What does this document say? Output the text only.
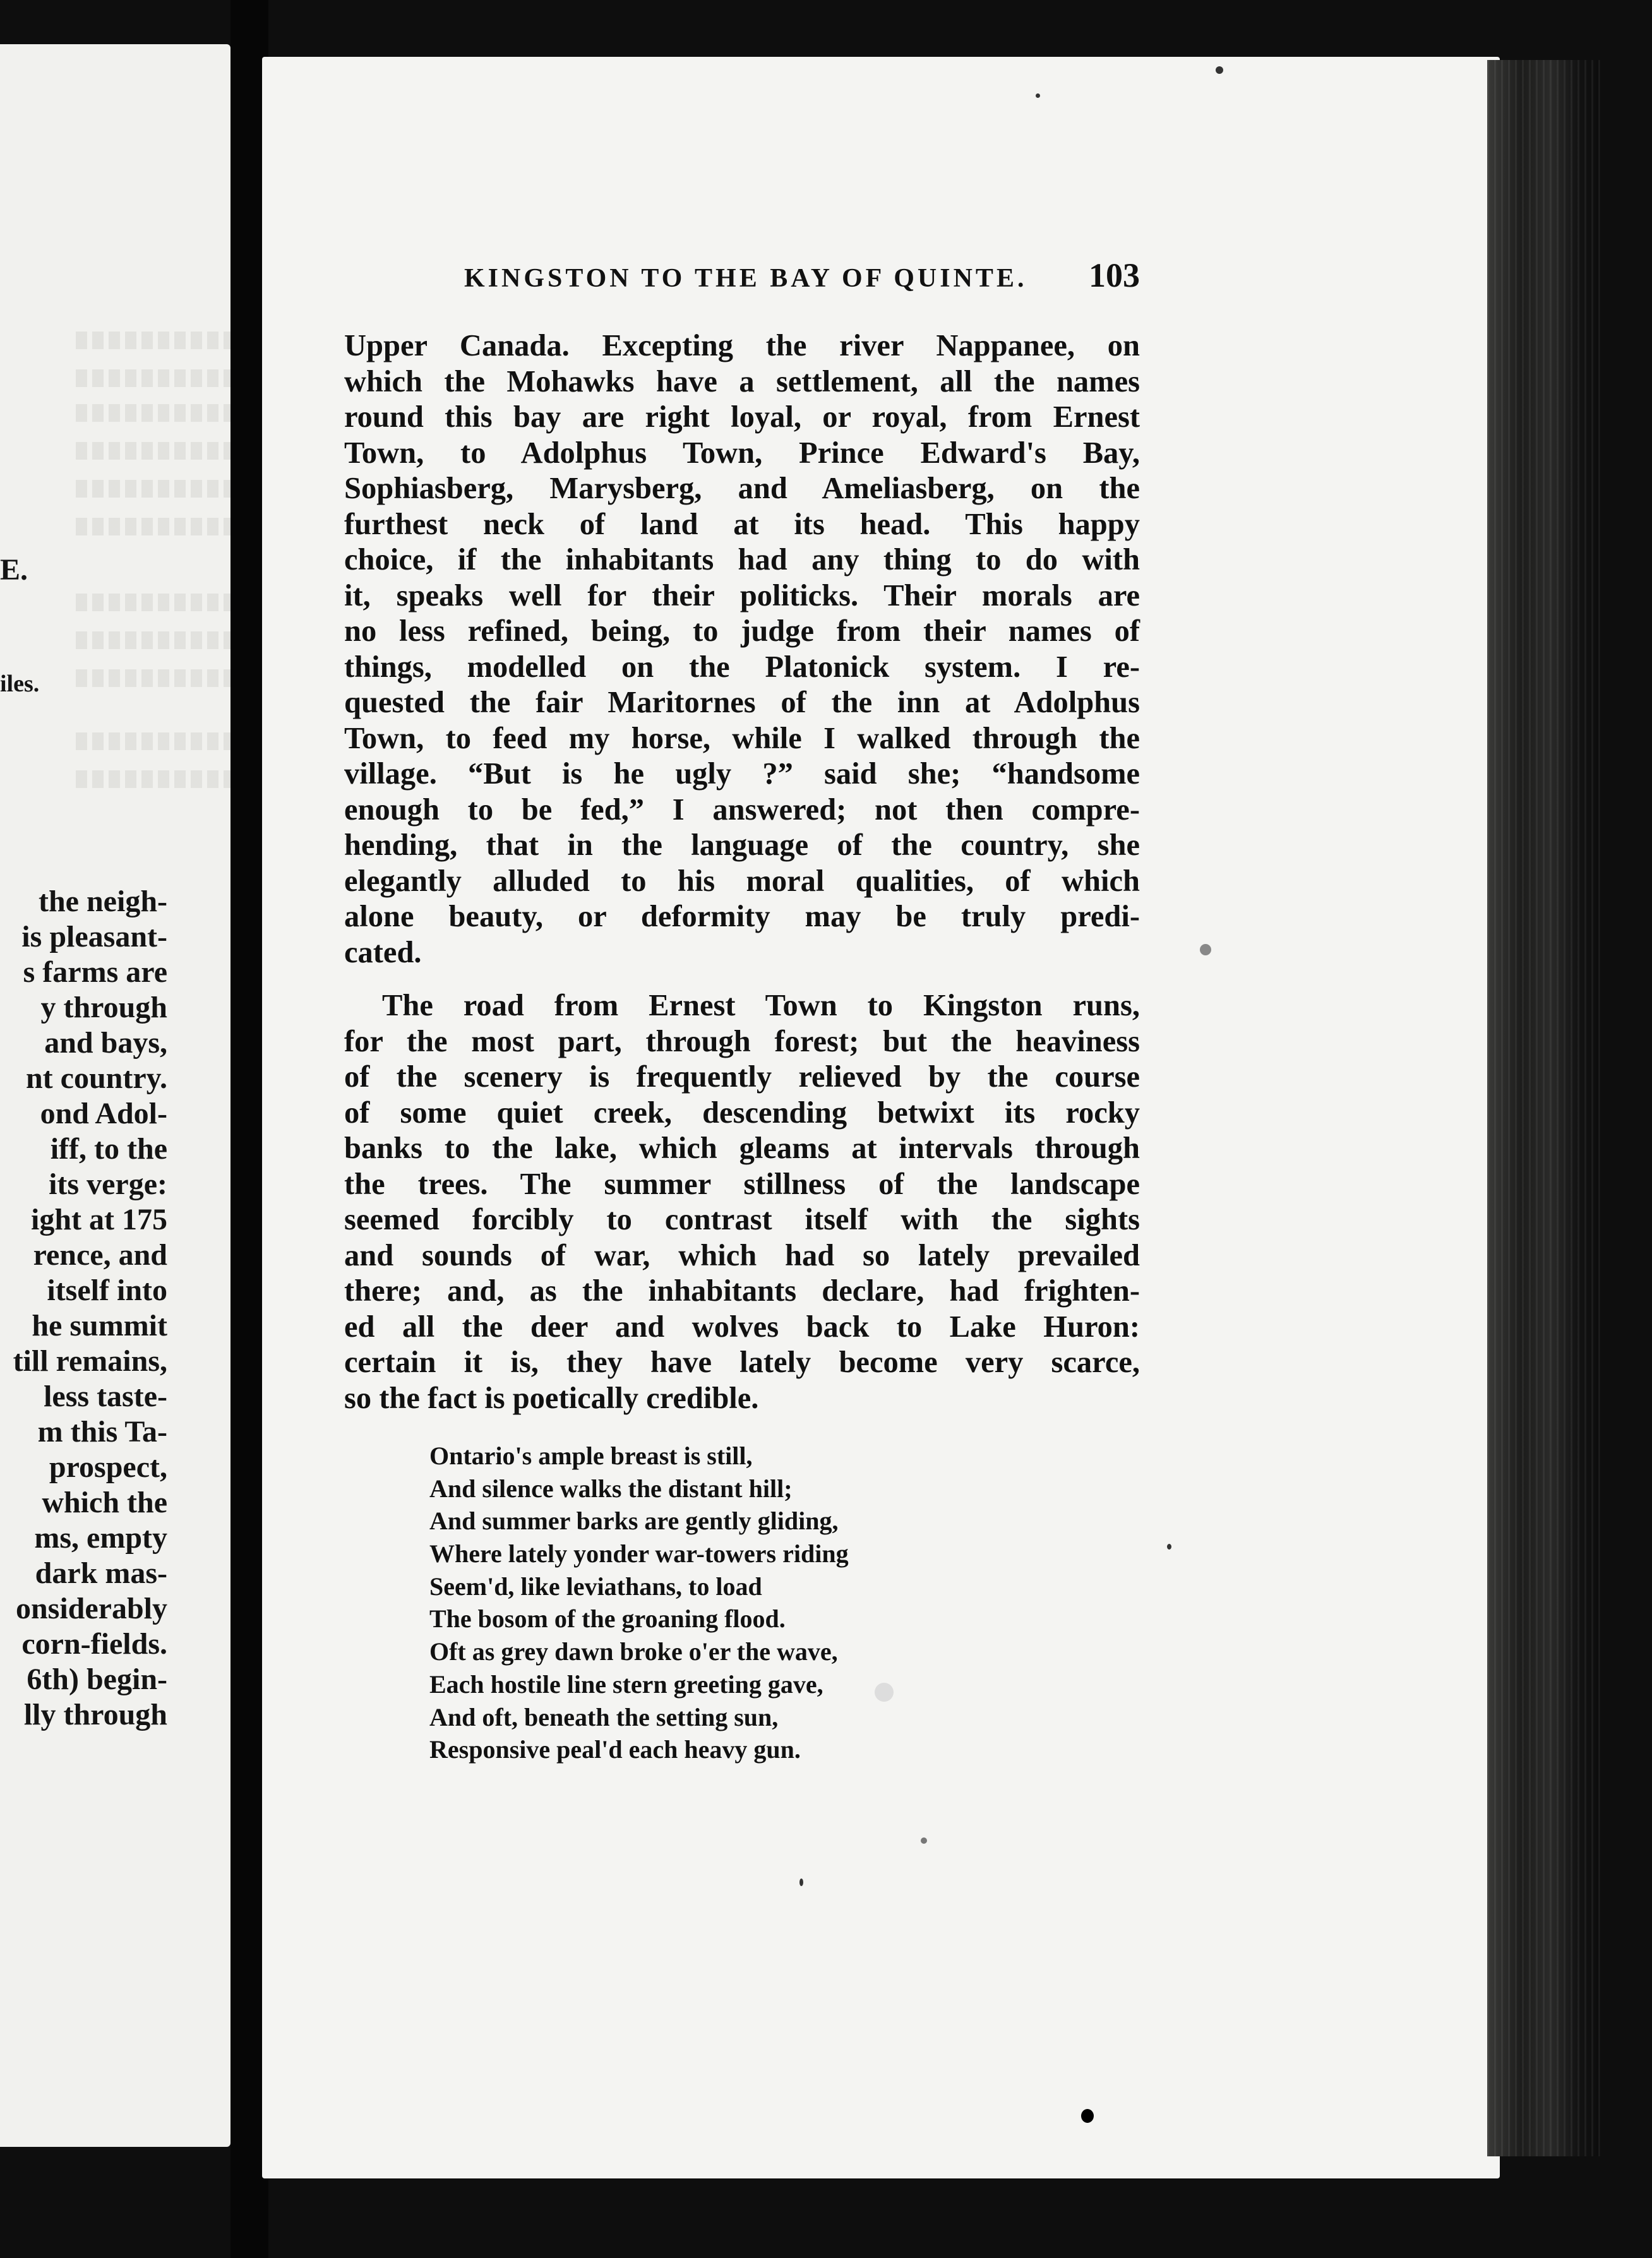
E.
iles.
the neigh-
is pleasant-
s farms are
y through
and bays,
nt country.
ond Adol-
iff, to the
its verge:
ight at 175
rence, and
itself into
he summit
till remains,
less taste-
m this Ta-
prospect,
which the
ms, empty
dark mas-
onsiderably
corn-fields.
6th) begin-
lly through
KINGSTON TO THE BAY OF QUINTE. 103
Upper Canada. Excepting the river Nappanee, on
which the Mohawks have a settlement, all the names
round this bay are right loyal, or royal, from Ernest
Town, to Adolphus Town, Prince Edward's Bay,
Sophiasberg, Marysberg, and Ameliasberg, on the
furthest neck of land at its head. This happy
choice, if the inhabitants had any thing to do with
it, speaks well for their politicks. Their morals are
no less refined, being, to judge from their names of
things, modelled on the Platonick system. I re-
quested the fair Maritornes of the inn at Adolphus
Town, to feed my horse, while I walked through the
village. “But is he ugly ?” said she; “handsome
enough to be fed,” I answered; not then compre-
hending, that in the language of the country, she
elegantly alluded to his moral qualities, of which
alone beauty, or deformity may be truly predi-
cated.
The road from Ernest Town to Kingston runs,
for the most part, through forest; but the heaviness
of the scenery is frequently relieved by the course
of some quiet creek, descending betwixt its rocky
banks to the lake, which gleams at intervals through
the trees. The summer stillness of the landscape
seemed forcibly to contrast itself with the sights
and sounds of war, which had so lately prevailed
there; and, as the inhabitants declare, had frighten-
ed all the deer and wolves back to Lake Huron:
certain it is, they have lately become very scarce,
so the fact is poetically credible.
Ontario's ample breast is still,
And silence walks the distant hill;
And summer barks are gently gliding,
Where lately yonder war-towers riding
Seem'd, like leviathans, to load
The bosom of the groaning flood.
Oft as grey dawn broke o'er the wave,
Each hostile line stern greeting gave,
And oft, beneath the setting sun,
Responsive peal'd each heavy gun.
